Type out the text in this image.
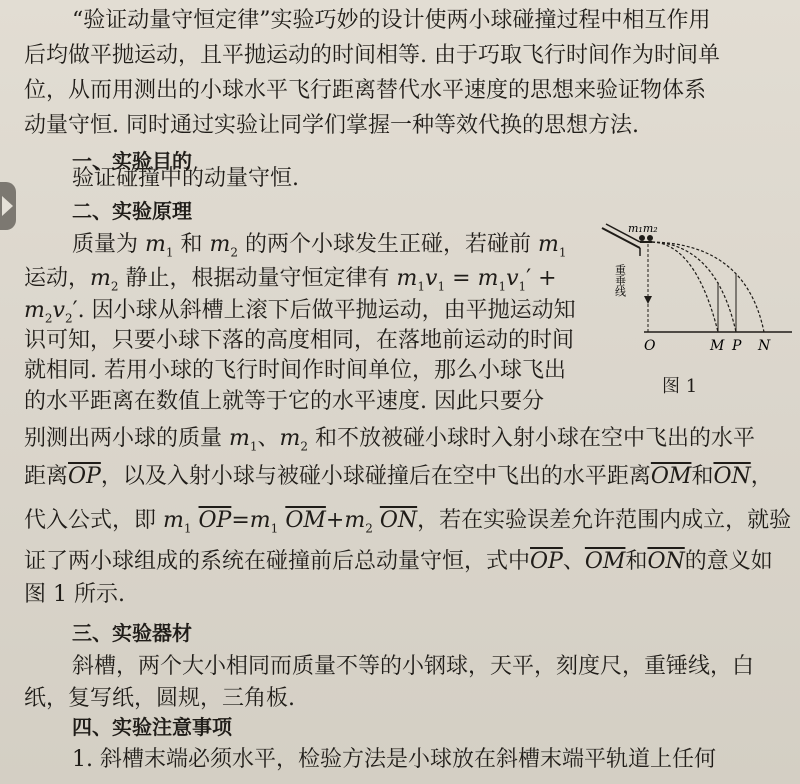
“验证动量守恒定律”实验巧妙的设计使两小球碰撞过程中相互作用
后均做平抛运动，且平抛运动的时间相等. 由于巧取飞行时间作为时间单
位，从而用测出的小球水平飞行距离替代水平速度的思想来验证物体系
动量守恒. 同时通过实验让同学们掌握一种等效代换的思想方法.
一、实验目的
验证碰撞中的动量守恒.
二、实验原理
质量为 $m_1$ 和 $m_2$ 的两个小球发生正碰，若碰前 $m_1$
运动，$m_2$ 静止，根据动量守恒定律有 $m_1v_1 = m_1v_1'$ +
$m_2v_2'$. 因小球从斜槽上滚下后做平抛运动，由平抛运动知
识可知，只要小球下落的高度相同，在落地前运动的时间
就相同. 若用小球的飞行时间作时间单位，那么小球飞出
的水平距离在数值上就等于它的水平速度. 因此只要分
别测出两小球的质量 $m_1$、$m_2$ 和不放被碰小球时入射小球在空中飞出的水平
距离$\overline{OP}$，以及入射小球与被碰小球碰撞后在空中飞出的水平距离$\overline{OM}$和$\overline{ON}$，
代入公式，即 $m_1$ $\overline{OP}=m_1$ $\overline{OM}+m_2$ $\overline{ON}$，若在实验误差允许范围内成立，就验
证了两小球组成的系统在碰撞前后总动量守恒，式中$\overline{OP}$、$\overline{OM}$和$\overline{ON}$的意义如
图 1 所示.
三、实验器材
斜槽，两个大小相同而质量不等的小钢球，天平，刻度尺，重锤线，白
纸，复写纸，圆规，三角板.
四、实验注意事项
1. 斜槽末端必须水平，检验方法是小球放在斜槽末端平轨道上任何
m₁m₂
重垂线
O	M P N
图 1
